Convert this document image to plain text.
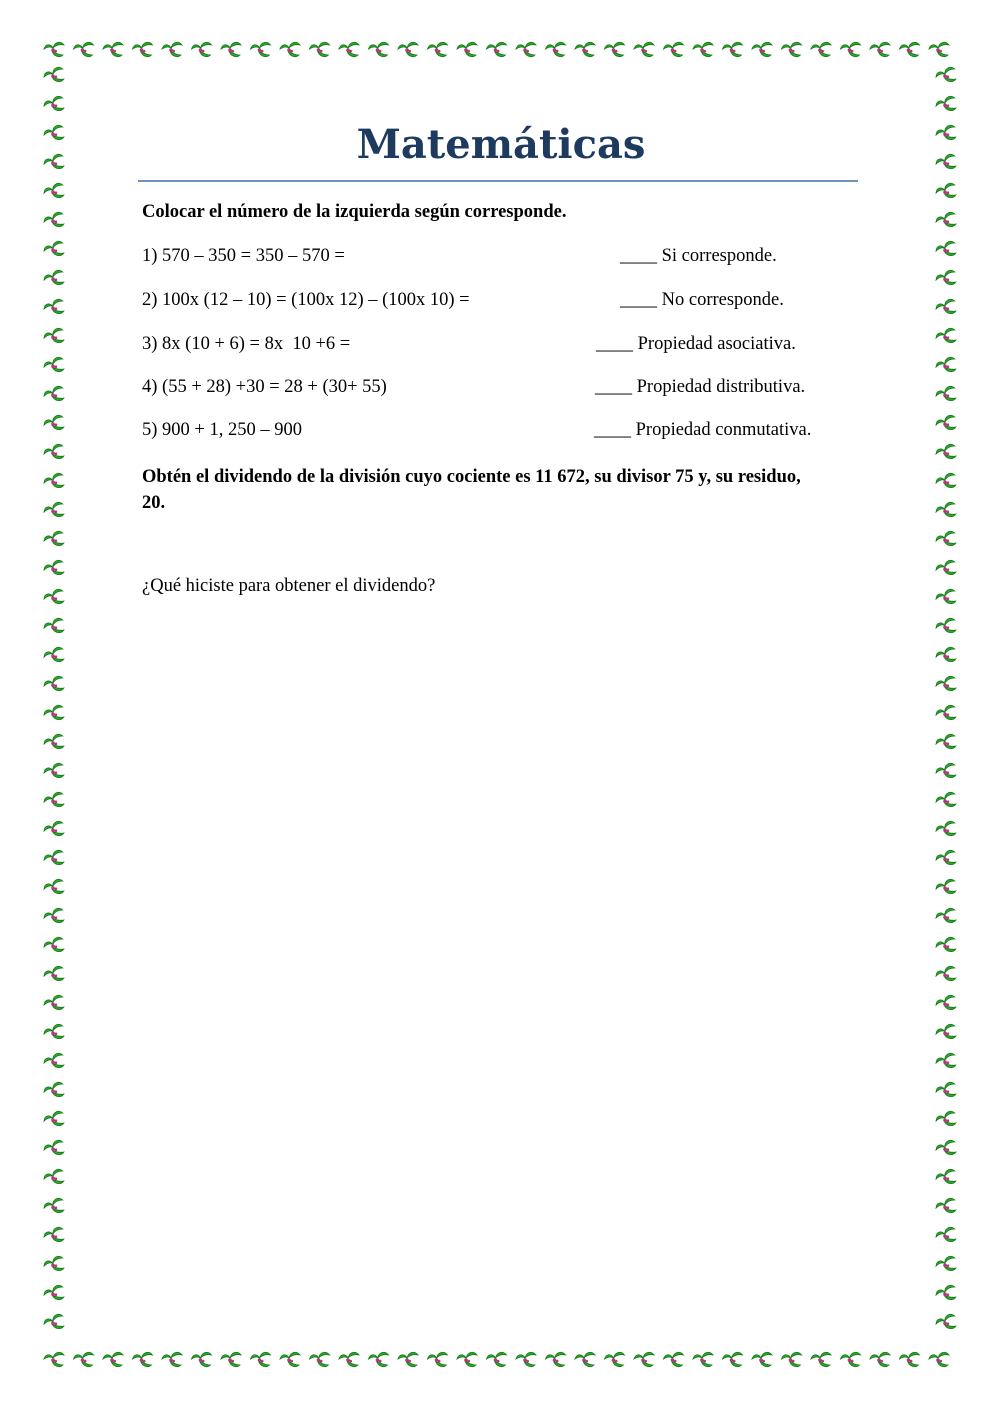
Matemáticas

Colocar el número de la izquierda según corresponde.

1) 570 – 350 = 350 – 570 =	____ Si corresponde.
2) 100x (12 – 10) = (100x 12) – (100x 10) =	____ No corresponde.
3) 8x (10 + 6) = 8x  10 +6 =	____ Propiedad asociativa.
4) (55 + 28) +30 = 28 + (30+ 55)	____ Propiedad distributiva.
5) 900 + 1, 250 – 900	____ Propiedad conmutativa.

Obtén el dividendo de la división cuyo cociente es 11 672, su divisor 75 y, su residuo, 20.

¿Qué hiciste para obtener el dividendo?
